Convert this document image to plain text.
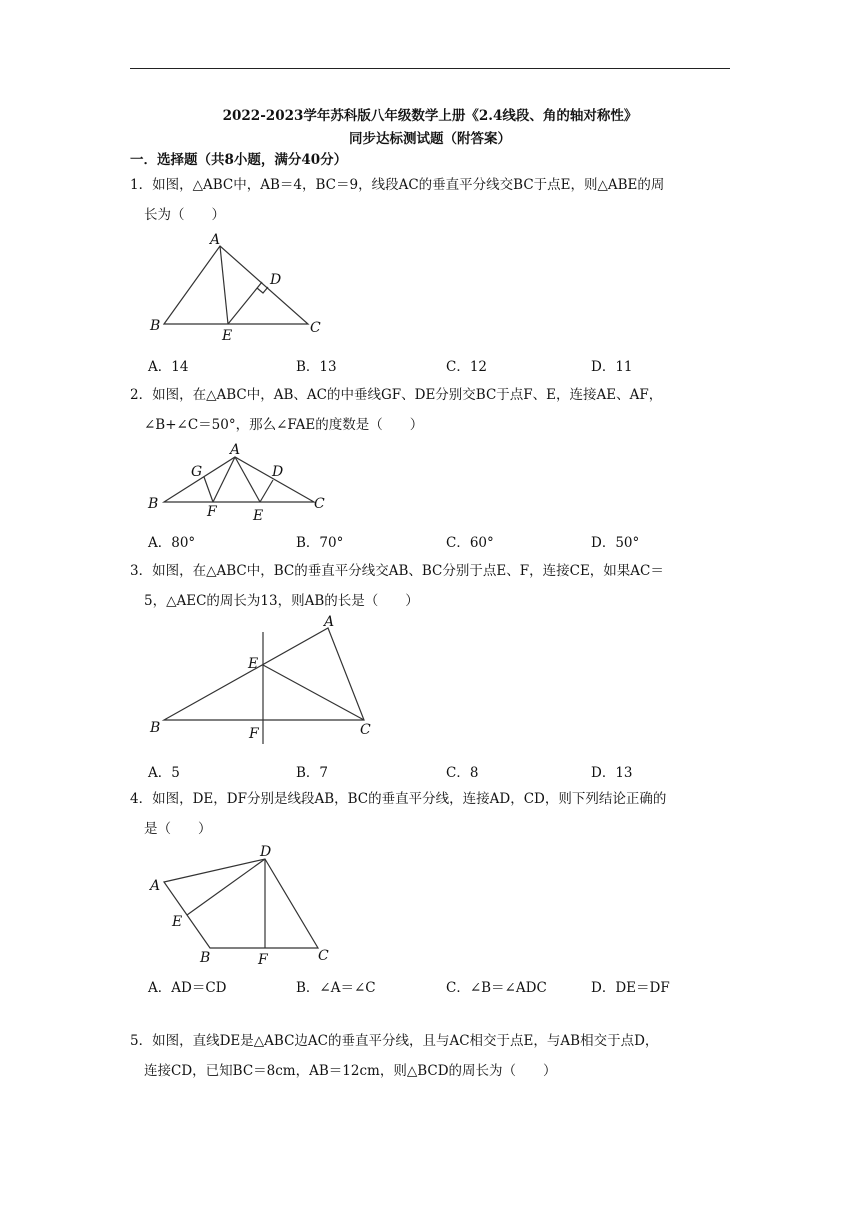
2022-2023学年苏科版八年级数学上册《2.4线段、角的轴对称性》
同步达标测试题（附答案）
一．选择题（共8小题，满分40分）
1．如图，△ABC中，AB＝4，BC＝9，线段AC的垂直平分线交BC于点E，则△ABE的周
长为（　　）
A
B	C
D
E
A．14	B．13	C．12	D．11
2．如图，在△ABC中，AB、AC的中垂线GF、DE分别交BC于点F、E，连接AE、AF，
∠B+∠C＝50°，那么∠FAE的度数是（　　）
A
B	C
D
E
F
G
A．80°	B．70°	C．60°	D．50°
3．如图，在△ABC中，BC的垂直平分线交AB、BC分别于点E、F，连接CE，如果AC＝
5，△AEC的周长为13，则AB的长是（　　）
A
B	C
E
F
A．5	B．7	C．8	D．13
4．如图，DE，DF分别是线段AB，BC的垂直平分线，连接AD，CD，则下列结论正确的
是（　　）
A
B	C
D
E
F
A．AD＝CD	B．∠A＝∠C	C．∠B＝∠ADC	D．DE＝DF
5．如图，直线DE是△ABC边AC的垂直平分线，且与AC相交于点E，与AB相交于点D，
连接CD，已知BC＝8cm，AB＝12cm，则△BCD的周长为（　　）
